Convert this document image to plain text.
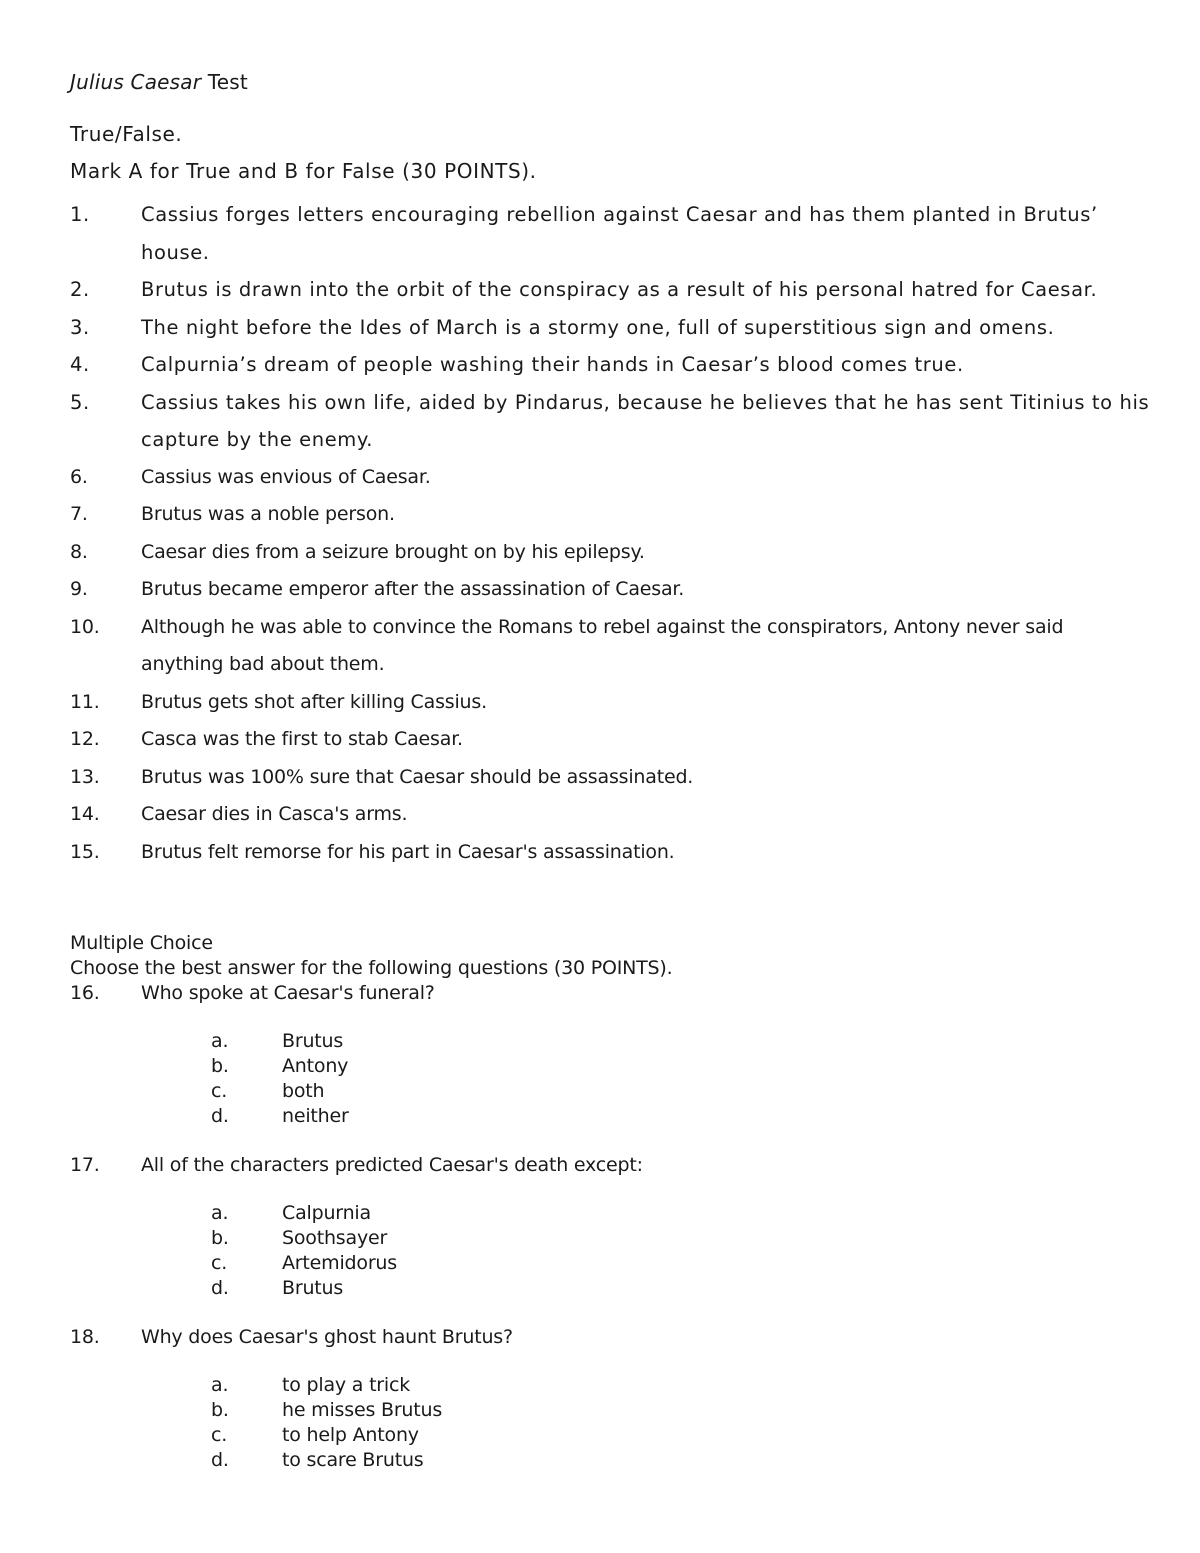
Julius Caesar Test
True/False.
Mark A for True and B for False (30 POINTS).
1.	Cassius forges letters encouraging rebellion against Caesar and has them planted in Brutus’ house.
2.	Brutus is drawn into the orbit of the conspiracy as a result of his personal hatred for Caesar.
3.	The night before the Ides of March is a stormy one, full of superstitious sign and omens.
4.	Calpurnia’s dream of people washing their hands in Caesar’s blood comes true.
5.	Cassius takes his own life, aided by Pindarus, because he believes that he has sent Titinius to his capture by the enemy.
6.	Cassius was envious of Caesar.
7.	Brutus was a noble person.
8.	Caesar dies from a seizure brought on by his epilepsy.
9.	Brutus became emperor after the assassination of Caesar.
10.	Although he was able to convince the Romans to rebel against the conspirators, Antony never said anything bad about them.
11.	Brutus gets shot after killing Cassius.
12.	Casca was the first to stab Caesar.
13.	Brutus was 100% sure that Caesar should be assassinated.
14.	Caesar dies in Casca's arms.
15.	Brutus felt remorse for his part in Caesar's assassination.
Multiple Choice
Choose the best answer for the following questions (30 POINTS).
16.	Who spoke at Caesar's funeral?
a.	Brutus
b.	Antony
c.	both
d.	neither
17.	All of the characters predicted Caesar's death except:
a.	Calpurnia
b.	Soothsayer
c.	Artemidorus
d.	Brutus
18.	Why does Caesar's ghost haunt Brutus?
a.	to play a trick
b.	he misses Brutus
c.	to help Antony
d.	to scare Brutus
